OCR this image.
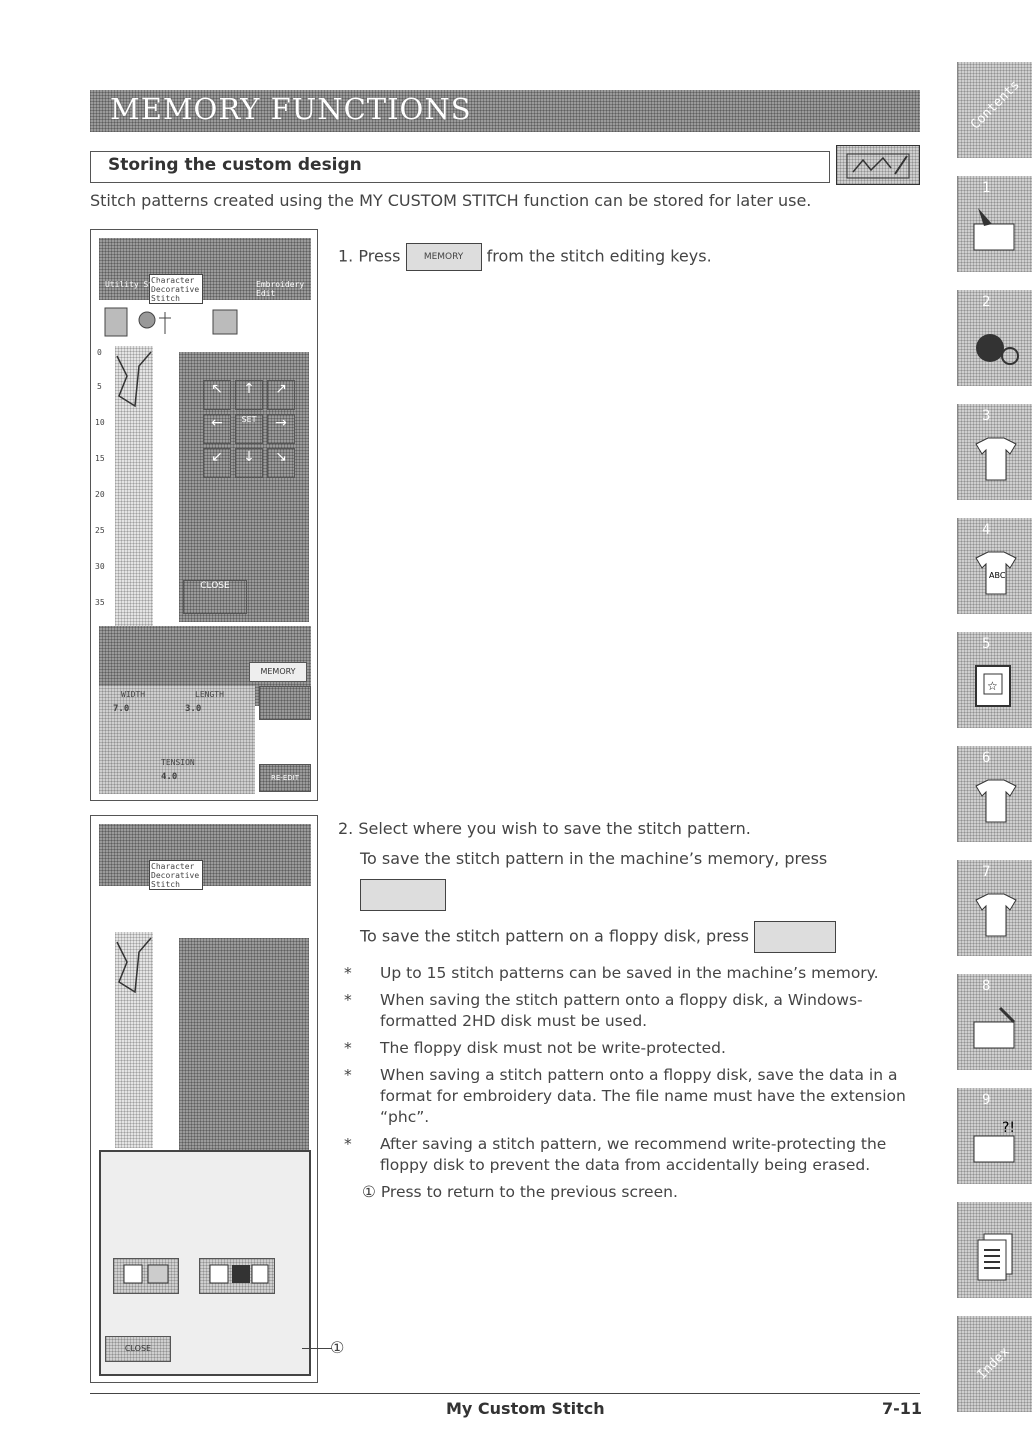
MEMORY FUNCTIONS
Storing the custom design
Stitch patterns created using the MY CUSTOM STITCH function can be stored for later use.
Character Decorative Stitch
Utility Stitch	Embroidery Edit
0
5
10
15
20
25
30
35
↖	↑	↗
←	SET	→
↙	↓	↘
CLOSE
MEMORY
WIDTH	LENGTH
7.0	3.0
TENSION
4.0	RE-EDIT
1. Press	MEMORY from the stitch editing keys.
Character Decorative Stitch
CLOSE	①
2. Select where you wish to save the stitch pattern.
To save the stitch pattern in the machine’s memory, press
To save the stitch pattern on a floppy disk, press
* Up to 15 stitch patterns can be saved in the machine’s memory.
* When saving the stitch pattern onto a floppy disk, a Windows-formatted 2HD disk must be used.
* The floppy disk must not be write-protected.
* When saving a stitch pattern onto a floppy disk, save the data in a format for embroidery data. The file name must have the extension “phc”.
* After saving a stitch pattern, we recommend write-protecting the floppy disk to prevent the data from accidentally being erased.
① Press to return to the previous screen.
My Custom Stitch	7-11
Contents
1
2
3
4
ABC
5
☆
6
7
8
9
?!
Index
